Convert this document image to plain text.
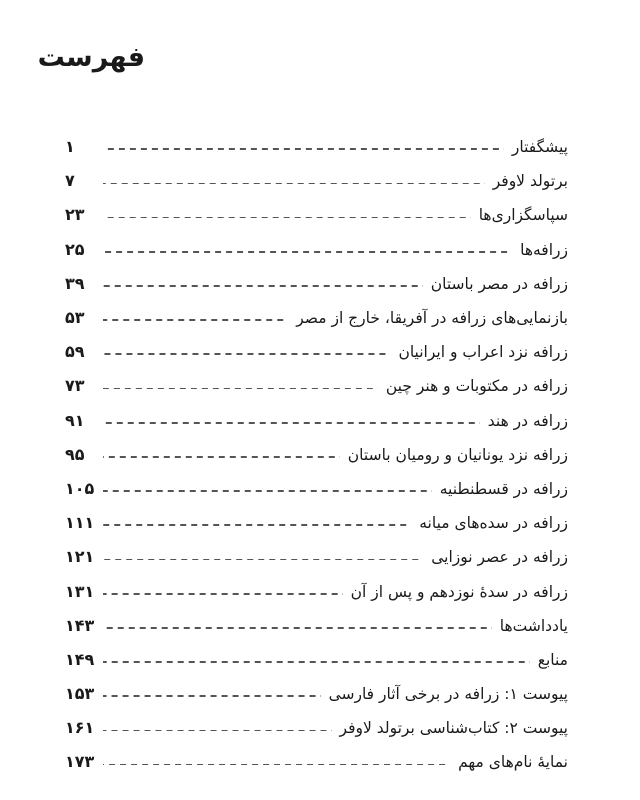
فهرست
پیشگفتار
۱
برتولد لاوفر
۷
سپاسگزاری‌ها
۲۳
زرافه‌ها
۲۵
زرافه در مصر باستان
۳۹
بازنمایی‌های زرافه در آفریقا، خارج از مصر
۵۳
زرافه نزد اعراب و ایرانیان
۵۹
زرافه در مکتوبات و هنر چین
۷۳
زرافه در هند
۹۱
زرافه نزد یونانیان و رومیان باستان
۹۵
زرافه در قسطنطنیه
۱۰۵
زرافه در سده‌های میانه
۱۱۱
زرافه در عصر نوزایی
۱۲۱
زرافه در سدهٔ نوزدهم و پس از آن
۱۳۱
یادداشت‌ها
۱۴۳
منابع
۱۴۹
پیوست ۱: زرافه در برخی آثار فارسی
۱۵۳
پیوست ۲: کتاب‌شناسی برتولد لاوفر
۱۶۱
نمایهٔ نام‌های مهم
۱۷۳
